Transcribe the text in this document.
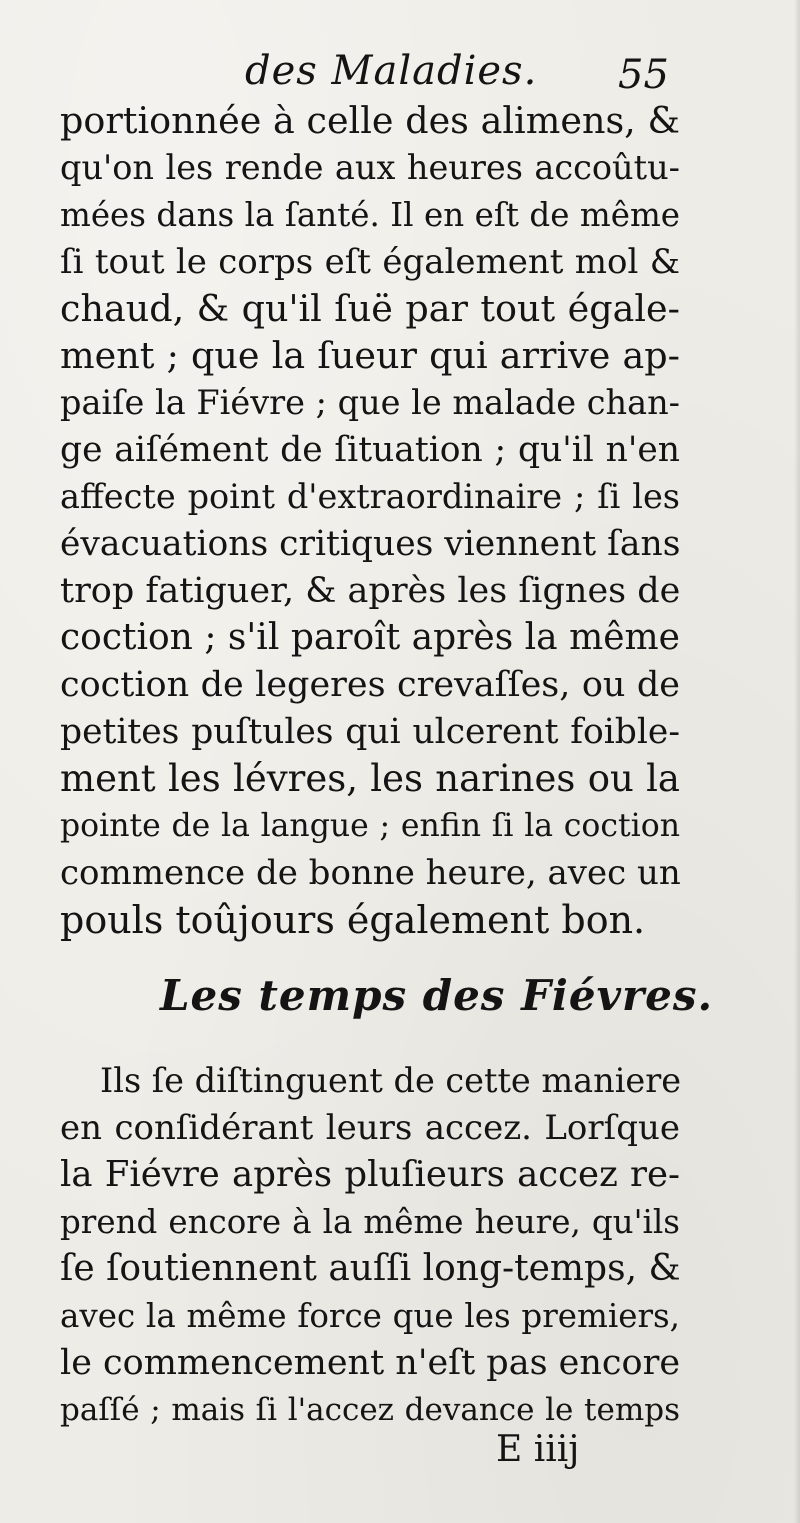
des Maladies. 55
portionnée à celle des alimens, &
qu'on les rende aux heures accoûtu-
mées dans la ſanté. Il en eſt de même
ſi tout le corps eſt également mol &
chaud, & qu'il ſuë par tout égale-
ment ; que la ſueur qui arrive ap-
paiſe la Fiévre ; que le malade chan-
ge aiſément de ſituation ; qu'il n'en
affecte point d'extraordinaire ; ſi les
évacuations critiques viennent ſans
trop fatiguer, & après les ſignes de
coction ; s'il paroît après la même
coction de legeres crevaſſes, ou de
petites puſtules qui ulcerent foible-
ment les lévres, les narines ou la
pointe de la langue ; enfin ſi la coction
commence de bonne heure, avec un
pouls toûjours également bon.
Les temps des Fiévres.
Ils ſe diſtinguent de cette maniere
en conſidérant leurs accez. Lorſque
la Fiévre après pluſieurs accez re-
prend encore à la même heure, qu'ils
ſe ſoutiennent auſſi long-temps, &
avec la même force que les premiers,
le commencement n'eſt pas encore
paſſé ; mais ſi l'accez devance le temps
E iiij
